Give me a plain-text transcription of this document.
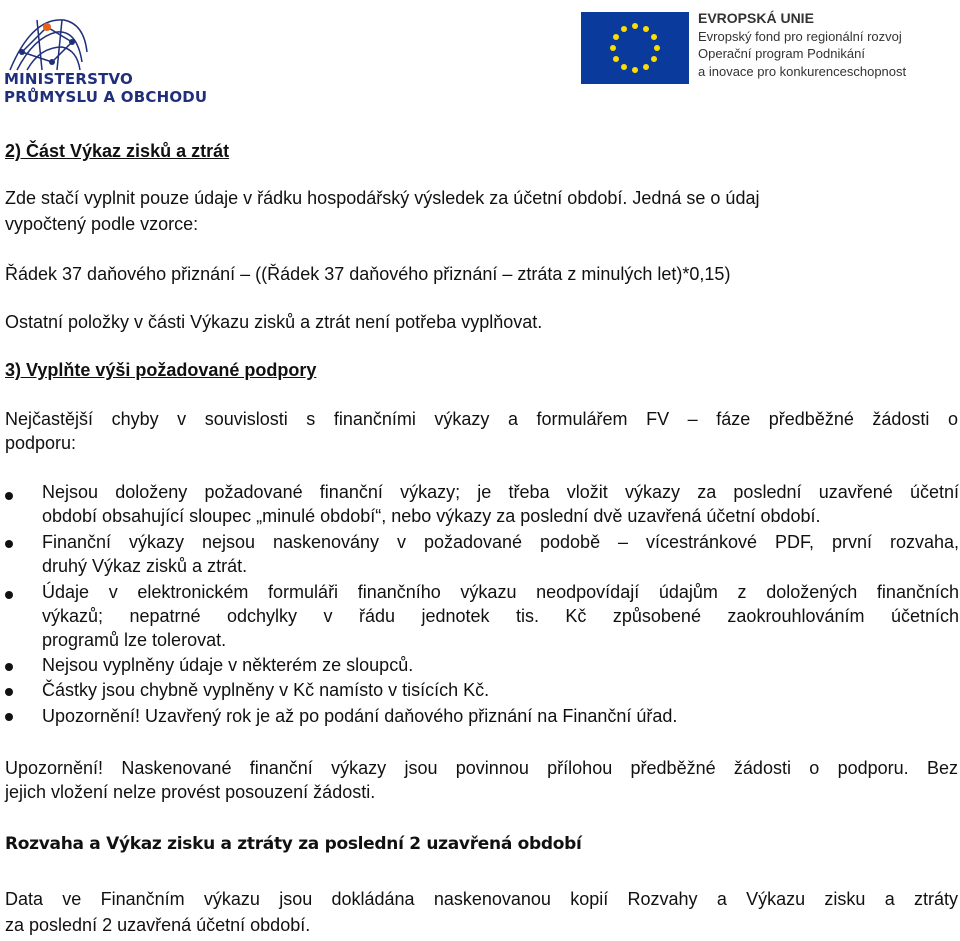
MINISTERSTVO
PRŮMYSLU A OBCHODU
EVROPSKÁ UNIE
Evropský fond pro regionální rozvoj
Operační program Podnikání
a inovace pro konkurenceschopnost
2) Část Výkaz zisků a ztrát
Zde stačí vyplnit pouze údaje v řádku hospodářský výsledek za účetní období. Jedná se o údaj
vypočtený podle vzorce:
Řádek 37 daňového přiznání – ((Řádek 37 daňového přiznání – ztráta z minulých let)*0,15)
Ostatní položky v části Výkazu zisků a ztrát není potřeba vyplňovat.
3) Vyplňte výši požadované podpory
Nejčastější chyby v souvislosti s finančními výkazy a formulářem FV – fáze předběžné žádosti o
podporu:
Nejsou doloženy požadované finanční výkazy; je třeba vložit výkazy za poslední uzavřené účetní
období obsahující sloupec „minulé období“, nebo výkazy za poslední dvě uzavřená účetní období.
Finanční výkazy nejsou naskenovány v požadované podobě – vícestránkové PDF, první rozvaha,
druhý Výkaz zisků a ztrát.
Údaje v elektronickém formuláři finančního výkazu neodpovídají údajům z doložených finančních
výkazů; nepatrné odchylky v řádu jednotek tis. Kč způsobené zaokrouhlováním účetních
programů lze tolerovat.
Nejsou vyplněny údaje v některém ze sloupců.
Částky jsou chybně vyplněny v Kč namísto v tisících Kč.
Upozornění! Uzavřený rok je až po podání daňového přiznání na Finanční úřad.
Upozornění! Naskenované finanční výkazy jsou povinnou přílohou předběžné žádosti o podporu. Bez
jejich vložení nelze provést posouzení žádosti.
Rozvaha a Výkaz zisku a ztráty za poslední 2 uzavřená období
Data ve Finančním výkazu jsou dokládána naskenovanou kopií Rozvahy a Výkazu zisku a ztráty
za poslední 2 uzavřená účetní období.
